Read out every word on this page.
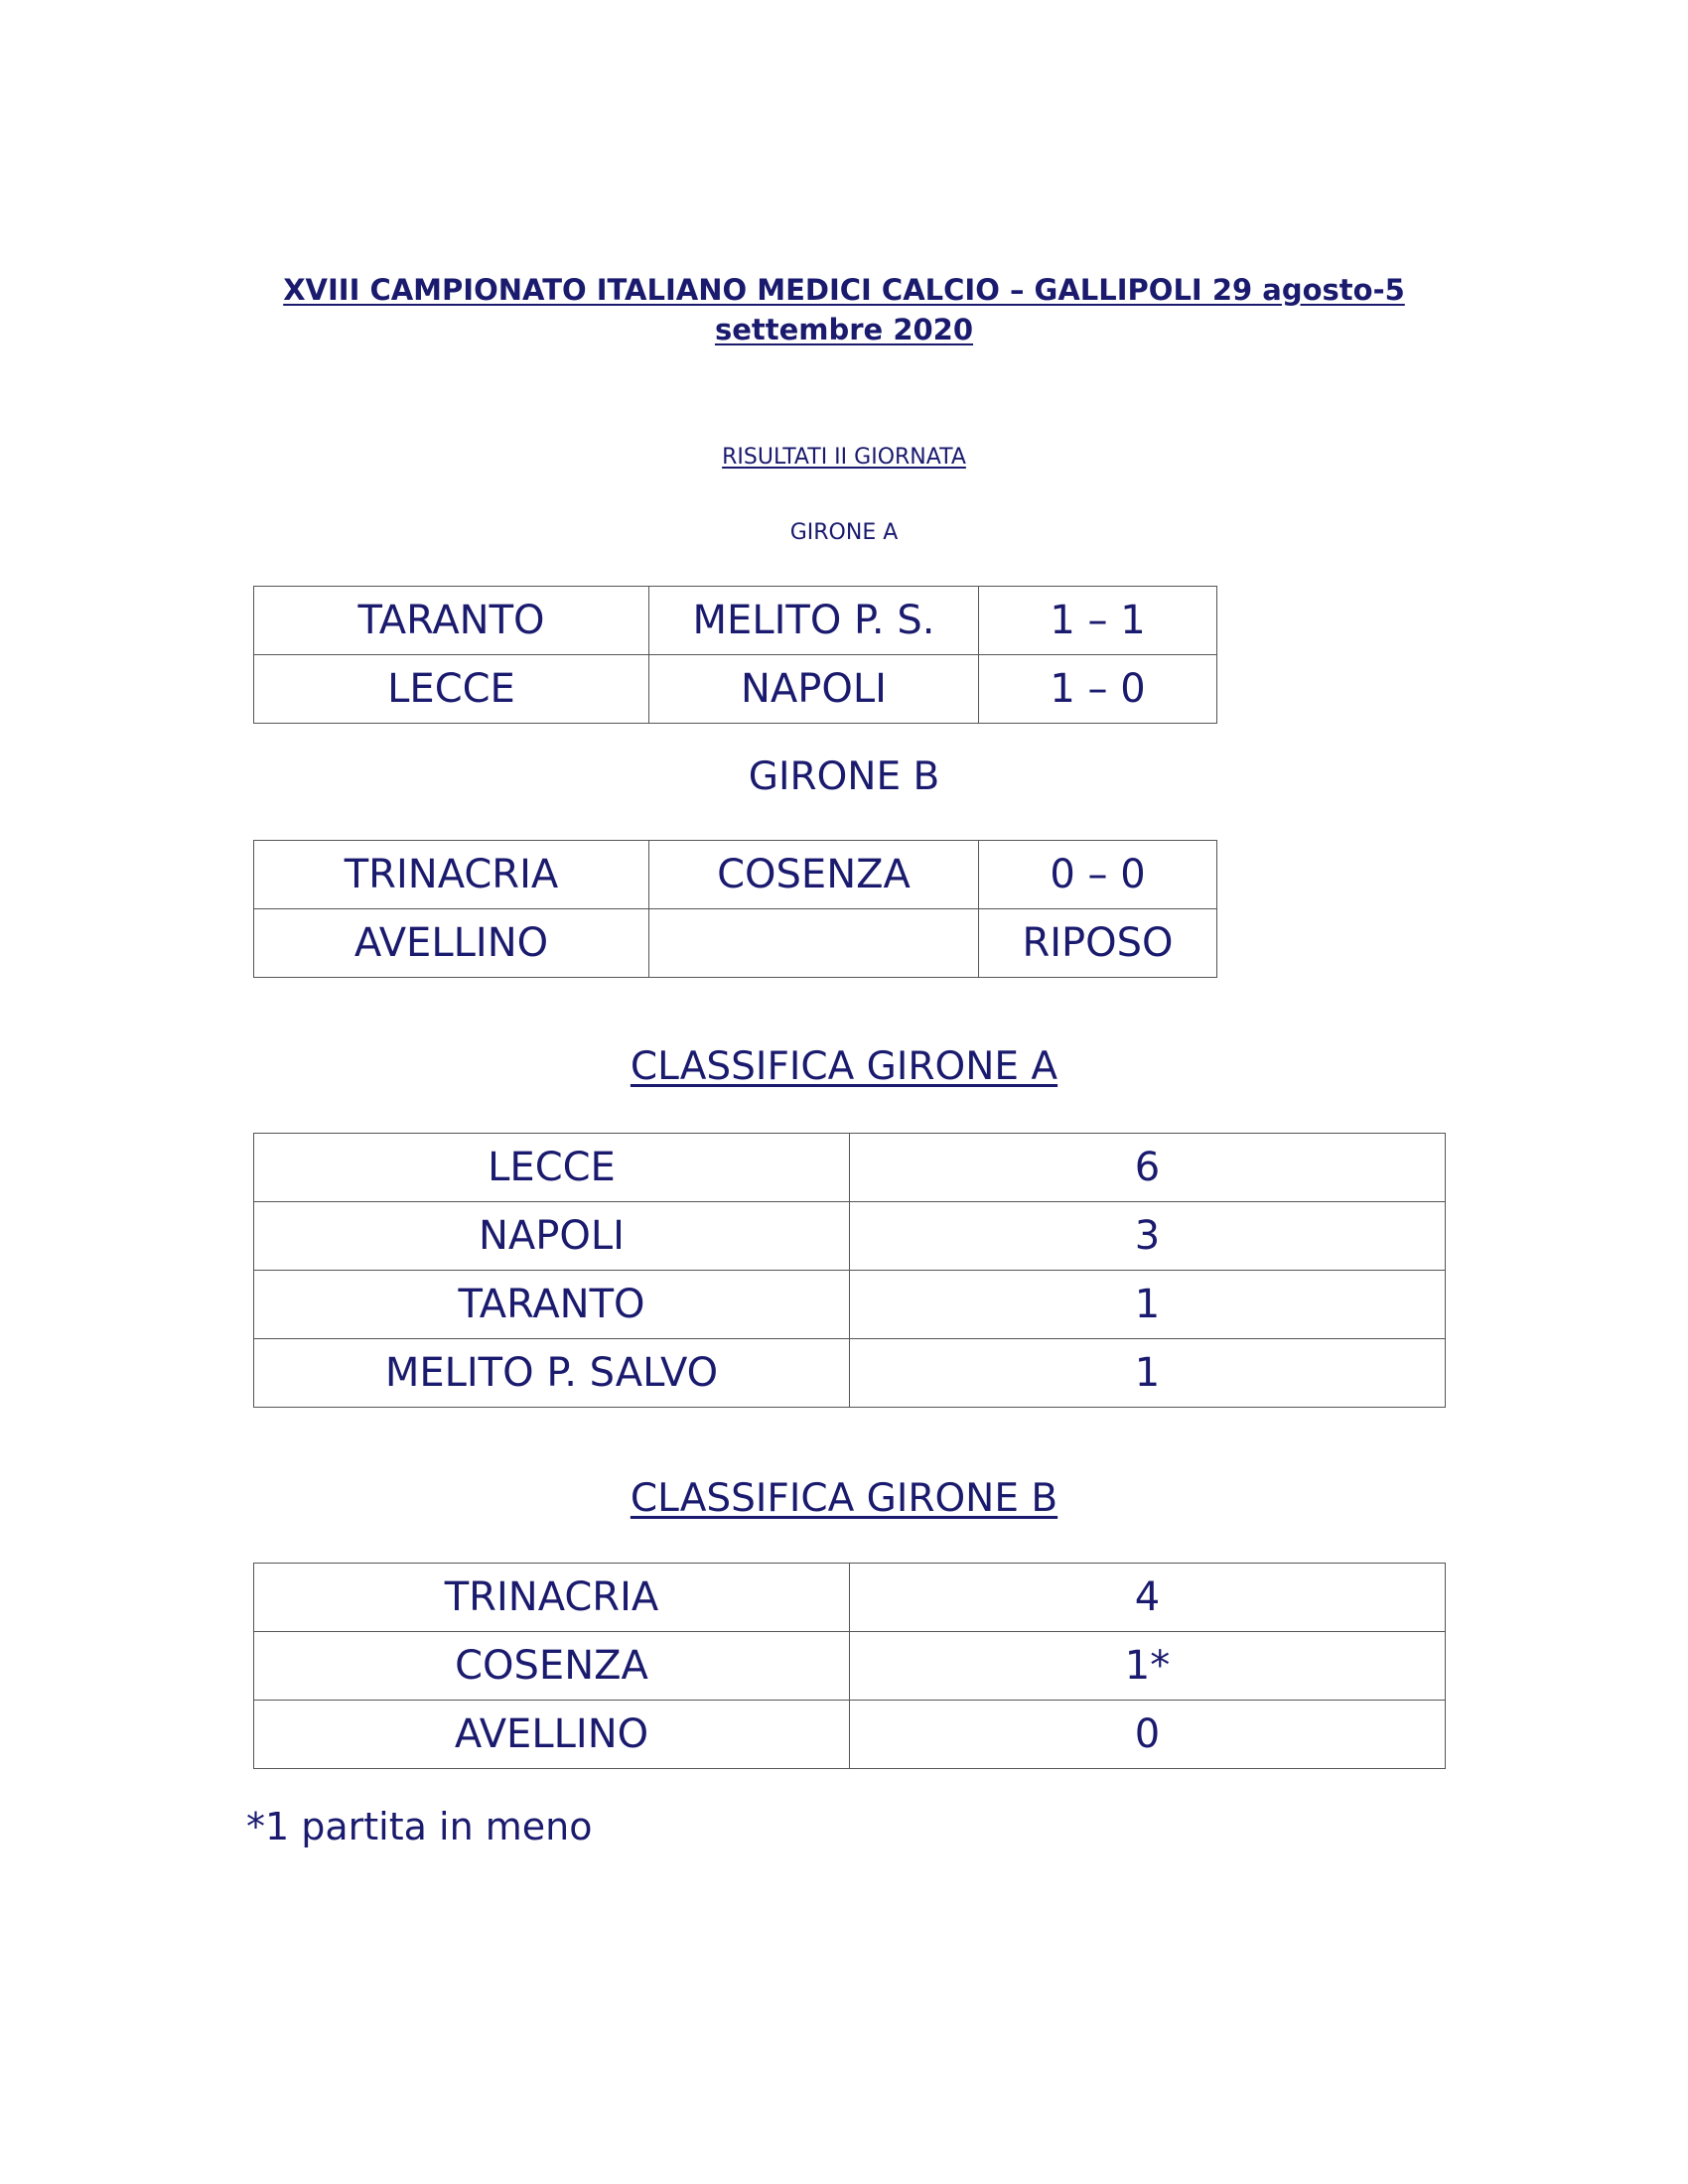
XVIII CAMPIONATO ITALIANO MEDICI CALCIO – GALLIPOLI 29 agosto-5 settembre 2020
RISULTATI II GIORNATA
GIRONE A
TARANTO	MELITO P. S.	1 – 1
LECCE	NAPOLI	1 – 0
GIRONE B
TRINACRIA	COSENZA	0 – 0
AVELLINO		RIPOSO
CLASSIFICA GIRONE A
LECCE	6
NAPOLI	3
TARANTO	1
MELITO P. SALVO	1
CLASSIFICA GIRONE B
TRINACRIA	4
COSENZA	1*
AVELLINO	0
*1 partita in meno
